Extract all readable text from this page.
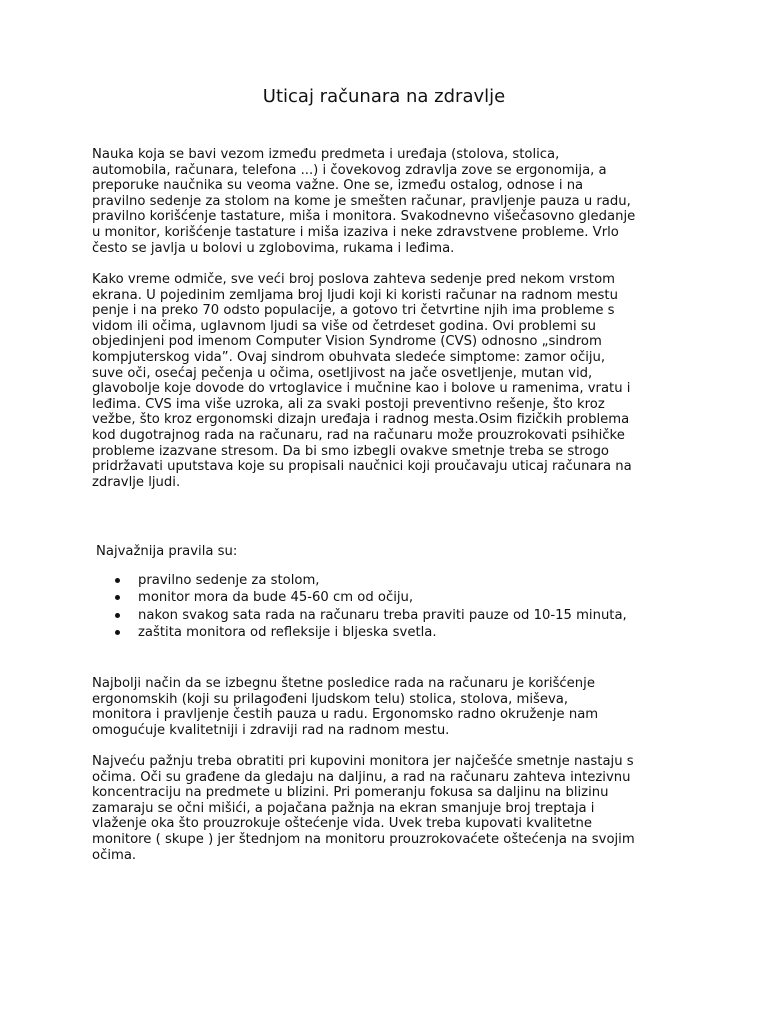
Uticaj računara na zdravlje

Nauka koja se bavi vezom između predmeta i uređaja (stolova, stolica,
automobila, računara, telefona ...) i čovekovog zdravlja zove se ergonomija, a
preporuke naučnika su veoma važne. One se, između ostalog, odnose i na
pravilno sedenje za stolom na kome je smešten računar, pravljenje pauza u radu,
pravilno korišćenje tastature, miša i monitora. Svakodnevno višečasovno gledanje
u monitor, korišćenje tastature i miša izaziva i neke zdravstvene probleme. Vrlo
često se javlja u bolovi u zglobovima, rukama i leđima.

Kako vreme odmiče, sve veći broj poslova zahteva sedenje pred nekom vrstom
ekrana. U pojedinim zemljama broj ljudi koji ki koristi računar na radnom mestu
penje i na preko 70 odsto populacije, a gotovo tri četvrtine njih ima probleme s
vidom ili očima, uglavnom ljudi sa više od četrdeset godina. Ovi problemi su
objedinjeni pod imenom Computer Vision Syndrome (CVS) odnosno „sindrom
kompjuterskog vida”. Ovaj sindrom obuhvata sledeće simptome: zamor očiju,
suve oči, osećaj pečenja u očima, osetljivost na jače osvetljenje, mutan vid,
glavobolje koje dovode do vrtoglavice i mučnine kao i bolove u ramenima, vratu i
leđima. CVS ima više uzroka, ali za svaki postoji preventivno rešenje, što kroz
vežbe, što kroz ergonomski dizajn uređaja i radnog mesta.Osim fizičkih problema
kod dugotrajnog rada na računaru, rad na računaru može prouzrokovati psihičke
probleme izazvane stresom. Da bi smo izbegli ovakve smetnje treba se strogo
pridržavati uputstava koje su propisali naučnici koji proučavaju uticaj računara na
zdravlje ljudi.

Najvažnija pravila su:

pravilno sedenje za stolom,
monitor mora da bude 45-60 cm od očiju,
nakon svakog sata rada na računaru treba praviti pauze od 10-15 minuta,
zaštita monitora od refleksije i bljeska svetla.

Najbolji način da se izbegnu štetne posledice rada na računaru je korišćenje
ergonomskih (koji su prilagođeni ljudskom telu) stolica, stolova, miševa,
monitora i pravljenje čestih pauza u radu. Ergonomsko radno okruženje nam
omogućuje kvalitetniji i zdraviji rad na radnom mestu.

Najveću pažnju treba obratiti pri kupovini monitora jer najčešće smetnje nastaju s
očima. Oči su građene da gledaju na daljinu, a rad na računaru zahteva intezivnu
koncentraciju na predmete u blizini. Pri pomeranju fokusa sa daljinu na blizinu
zamaraju se očni mišići, a pojačana pažnja na ekran smanjuje broj treptaja i
vlaženje oka što prouzrokuje oštećenje vida. Uvek treba kupovati kvalitetne
monitore ( skupe ) jer štednjom na monitoru prouzrokovaćete oštećenja na svojim
očima.
